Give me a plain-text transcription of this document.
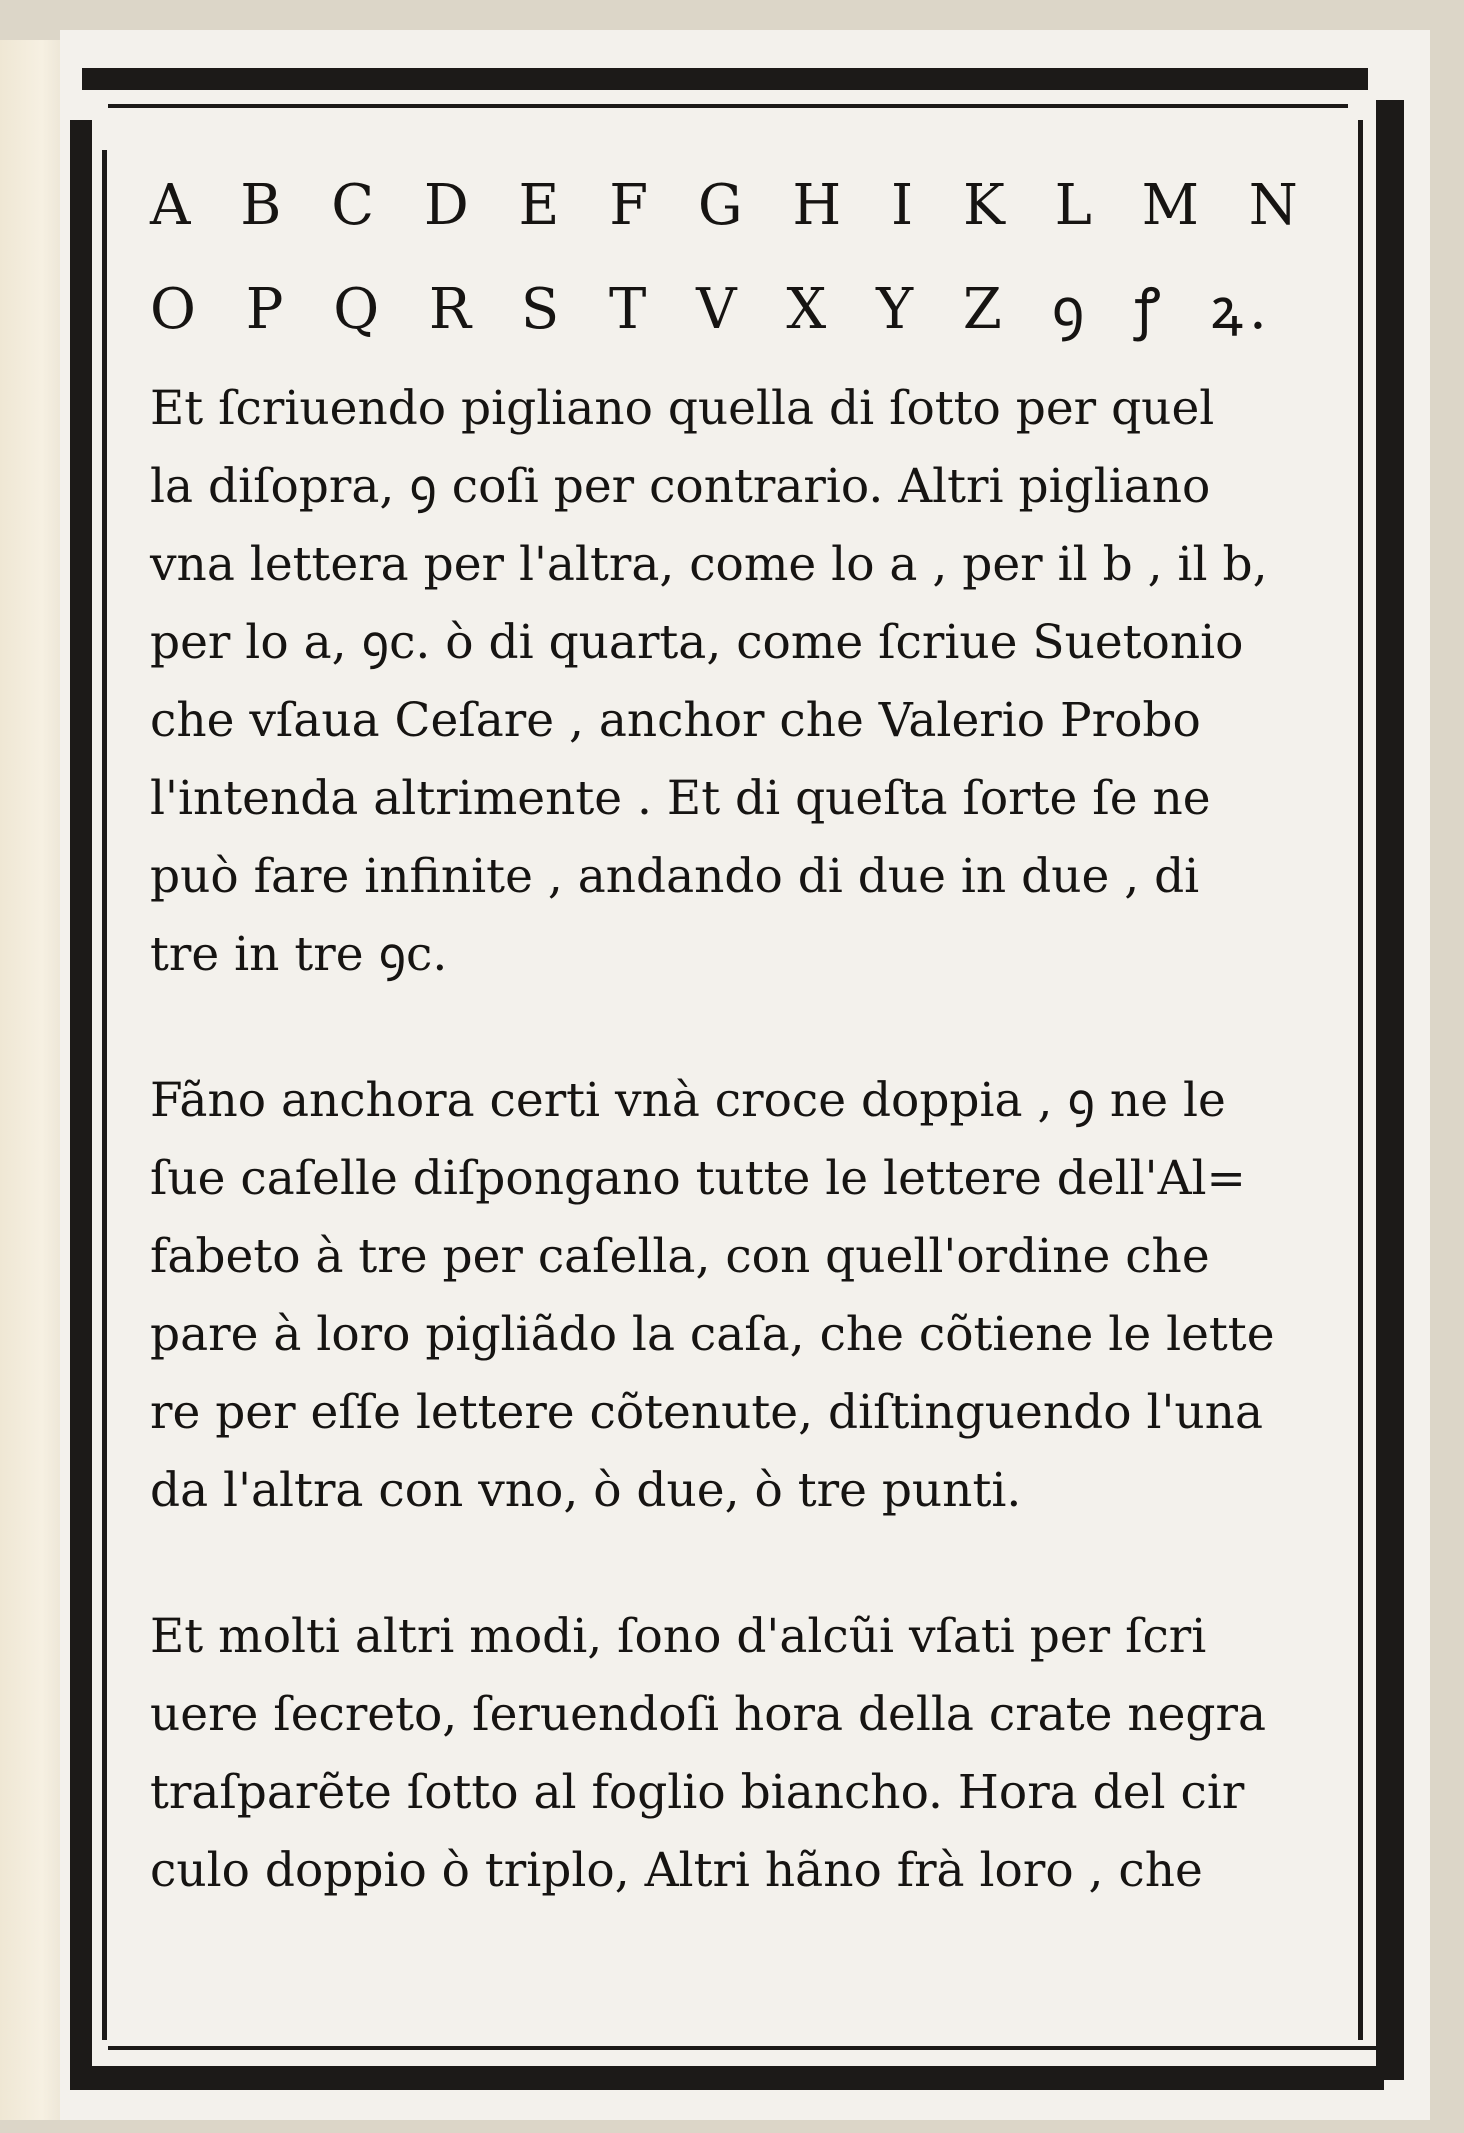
A B C D E F G H I K L M N

O P Q R S T V X Y Z ꝯ ꝭ ꝝ.

Et ſcriuendo pigliano quella di ſotto per quel
la diſopra, ꝯ coſi per contrario. Altri pigliano
vna lettera per l'altra, come lo a , per il b , il b,
per lo a, ꝯc. ò di quarta, come ſcriue Suetonio
che vſaua Ceſare , anchor che Valerio Probo
l'intenda altrimente . Et di queſta ſorte ſe ne
può fare infinite , andando di due in due , di
tre in tre ꝯc.

Fãno anchora certi vnà croce doppia , ꝯ ne le
ſue caſelle diſpongano tutte le lettere dell'Al=
fabeto à tre per caſella, con quell'ordine che
pare à loro pigliãdo la caſa, che cõtiene le lette
re per eſſe lettere cõtenute, diſtinguendo l'una
da l'altra con vno, ò due, ò tre punti.

Et molti altri modi, ſono d'alcũi vſati per ſcri
uere ſecreto, ſeruendoſi hora della crate negra
traſparẽte ſotto al foglio biancho. Hora del cir
culo doppio ò triplo, Altri hãno frà loro , che
